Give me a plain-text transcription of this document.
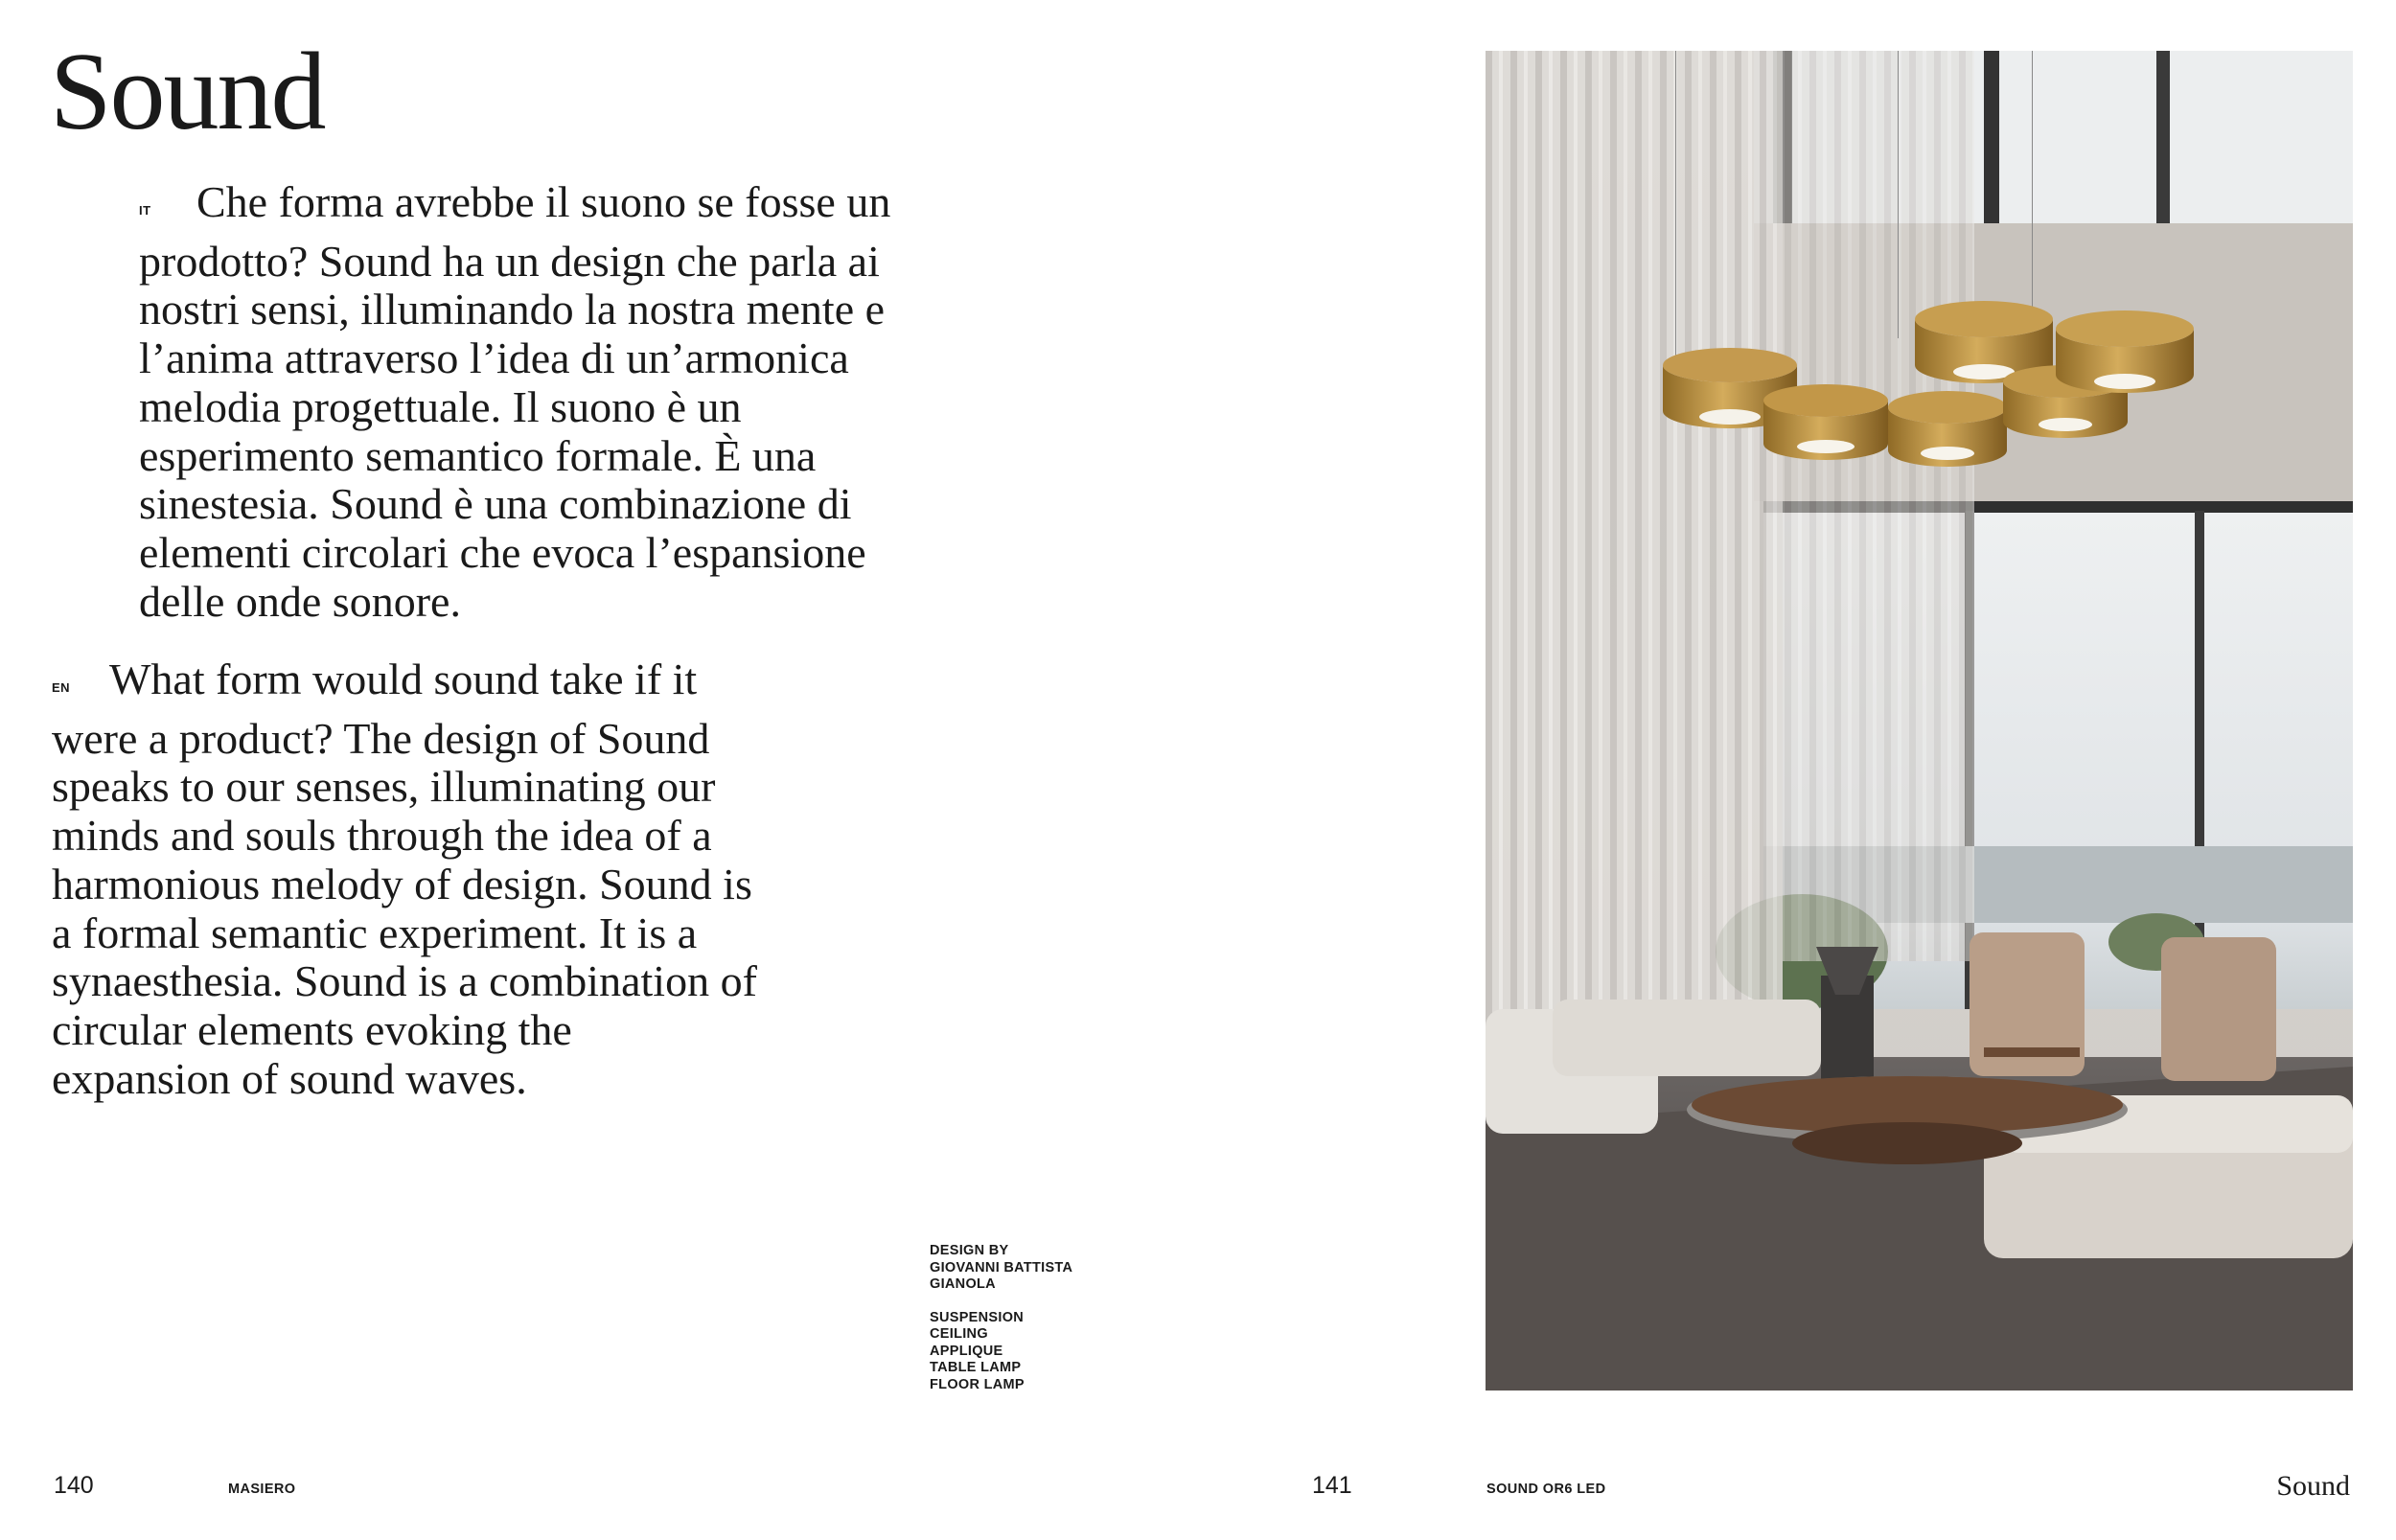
Sound

IT Che forma avrebbe il suono se fosse un prodotto? Sound ha un design che parla ai nostri sensi, illuminando la nostra mente e l’anima attraverso l’idea di un’armonica melodia progettuale. Il suono è un esperimento semantico formale. È una sinestesia. Sound è una combinazione di elementi circolari che evoca l’espansione delle onde sonore.

EN What form would sound take if it were a product? The design of Sound speaks to our senses, illuminating our minds and souls through the idea of a harmonious melody of design. Sound is a formal semantic experiment. It is a synaesthesia. Sound is a combination of circular elements evoking the expansion of sound waves.

DESIGN BY
GIOVANNI BATTISTA
GIANOLA
SUSPENSION
CEILING
APPLIQUE
TABLE LAMP
FLOOR LAMP
140	MASIERO	141	SOUND OR6 LED	Sound
